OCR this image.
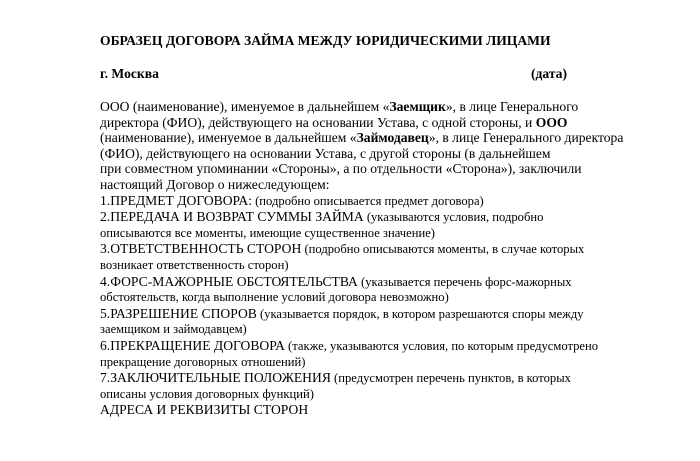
ОБРАЗЕЦ ДОГОВОРА ЗАЙМА МЕЖДУ ЮРИДИЧЕСКИМИ ЛИЦАМИ
г. Москва	(дата)
ООО (наименование), именуемое в дальнейшем «Заемщик», в лице Генерального
директора (ФИО), действующего на основании Устава, с одной стороны, и ООО
(наименование), именуемое в дальнейшем «Займодавец», в лице Генерального директора
(ФИО), действующего на основании Устава, с другой стороны (в дальнейшем
при совместном упоминании «Стороны», а по отдельности «Сторона»), заключили
настоящий Договор о нижеследующем:
1.ПРЕДМЕТ ДОГОВОРА: (подробно описывается предмет договора)
2.ПЕРЕДАЧА И ВОЗВРАТ СУММЫ ЗАЙМА (указываются условия, подробно
описываются все моменты, имеющие существенное значение)
3.ОТВЕТСТВЕННОСТЬ СТОРОН (подробно описываются моменты, в случае которых
возникает ответственность сторон)
4.ФОРС-МАЖОРНЫЕ ОБСТОЯТЕЛЬСТВА (указывается перечень форс-мажорных
обстоятельств, когда выполнение условий договора невозможно)
5.РАЗРЕШЕНИЕ СПОРОВ (указывается порядок, в котором разрешаются споры между
заемщиком и займодавцем)
6.ПРЕКРАЩЕНИЕ ДОГОВОРА (также, указываются условия, по которым предусмотрено
прекращение договорных отношений)
7.ЗАКЛЮЧИТЕЛЬНЫЕ ПОЛОЖЕНИЯ (предусмотрен перечень пунктов, в которых
описаны условия договорных функций)
АДРЕСА И РЕКВИЗИТЫ СТОРОН
